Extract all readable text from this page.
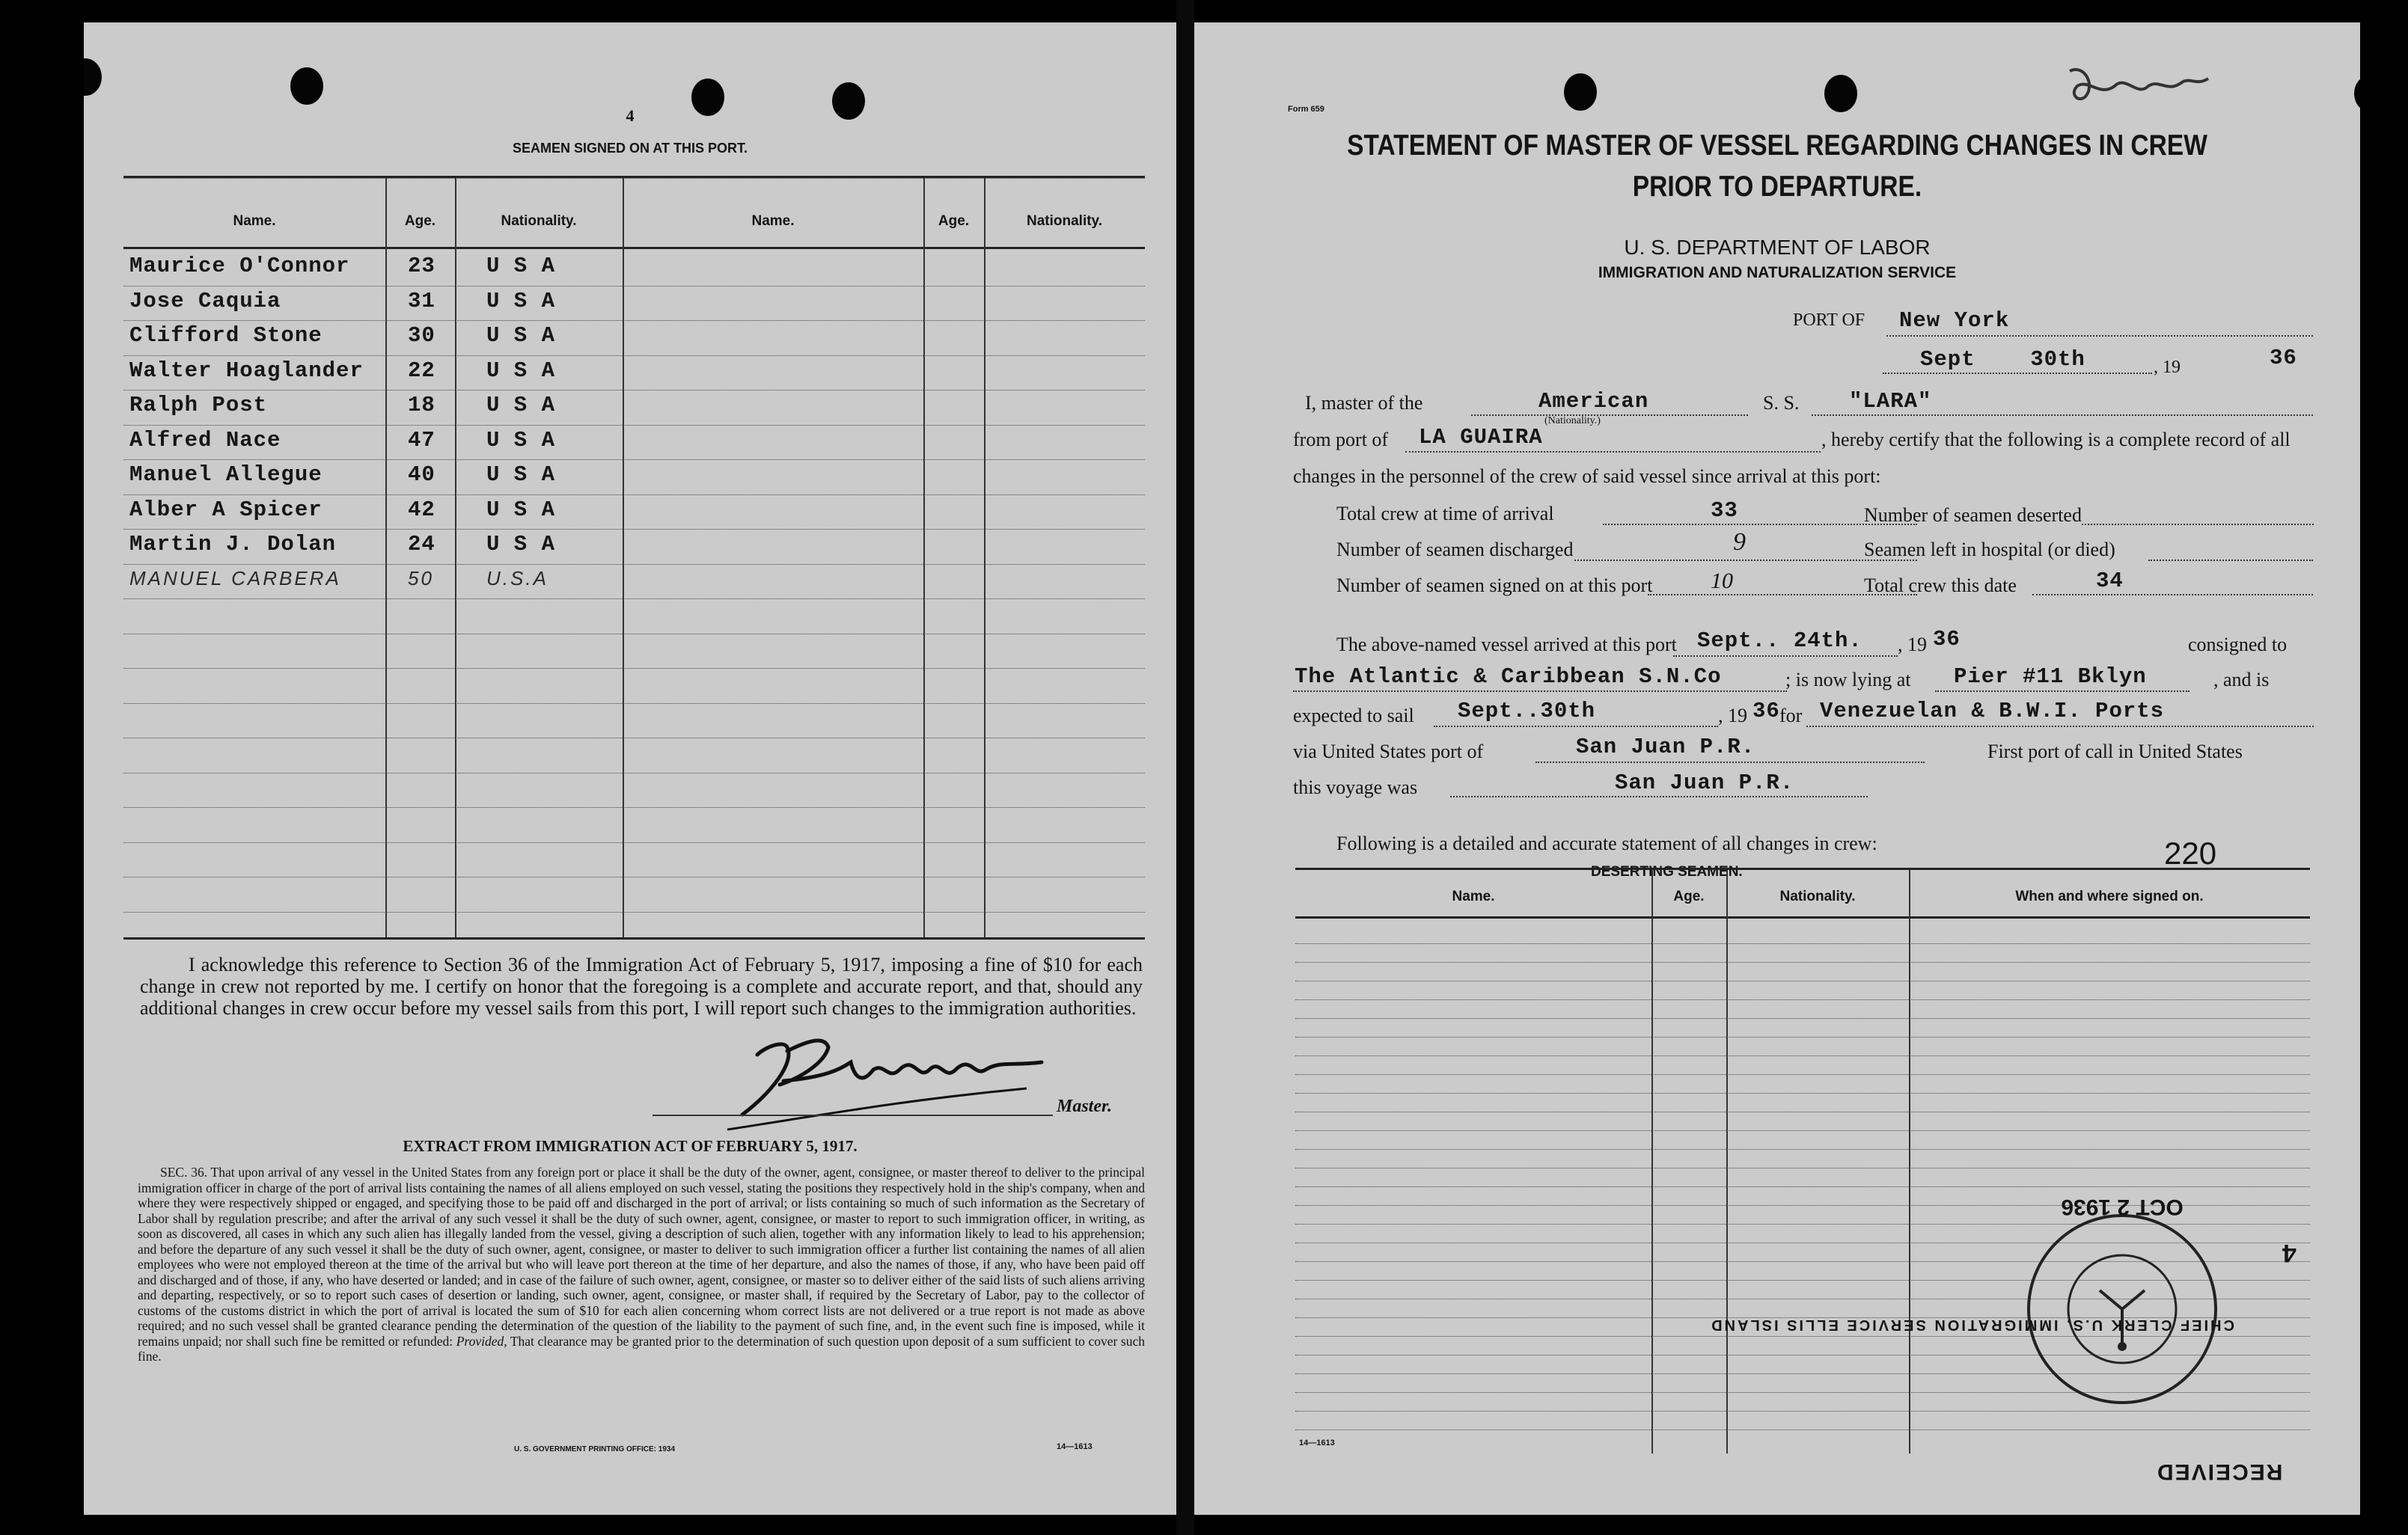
4
SEAMEN SIGNED ON AT THIS PORT.
Name.	Age.	Nationality.	Name.	Age.	Nationality.
Maurice O'Connor	23 U S A
Jose Caquia	31 U S A
Clifford Stone	30 U S A
Walter Hoaglander 22 U S A
Ralph Post	18 U S A
Alfred Nace	47 U S A
Manuel Allegue	40 U S A
Alber A Spicer	42 U S A
Martin J. Dolan	24 U S A
MANUEL CARBERA	50	U.S.A
I acknowledge this reference to Section 36 of the Immigration Act of February 5, 1917, imposing a fine of $10 for each change in crew not reported by me. I certify on honor that the foregoing is a complete and accurate report, and that, should any additional changes in crew occur before my vessel sails from this port, I will report such changes to the immigration authorities.
Master.
EXTRACT FROM IMMIGRATION ACT OF FEBRUARY 5, 1917.
SEC. 36. That upon arrival of any vessel in the United States from any foreign port or place it shall be the duty of the owner, agent, consignee, or master thereof to deliver to the principal immigration officer in charge of the port of arrival lists containing the names of all aliens employed on such vessel, stating the positions they respectively hold in the ship's company, when and where they were respectively shipped or engaged, and specifying those to be paid off and discharged in the port of arrival; or lists containing so much of such information as the Secretary of Labor shall by regulation prescribe; and after the arrival of any such vessel it shall be the duty of such owner, agent, consignee, or master to report to such immigration officer, in writing, as soon as discovered, all cases in which any such alien has illegally landed from the vessel, giving a description of such alien, together with any information likely to lead to his apprehension; and before the departure of any such vessel it shall be the duty of such owner, agent, consignee, or master to deliver to such immigration officer a further list containing the names of all alien employees who were not employed thereon at the time of the arrival but who will leave port thereon at the time of her departure, and also the names of those, if any, who have been paid off and discharged and of those, if any, who have deserted or landed; and in case of the failure of such owner, agent, consignee, or master so to deliver either of the said lists of such aliens arriving and departing, respectively, or so to report such cases of desertion or landing, such owner, agent, consignee, or master shall, if required by the Secretary of Labor, pay to the collector of customs of the customs district in which the port of arrival is located the sum of $10 for each alien concerning whom correct lists are not delivered or a true report is not made as above required; and no such vessel shall be granted clearance pending the determination of the question of the liability to the payment of such fine, and, in the event such fine is imposed, while it remains unpaid; nor shall such fine be remitted or refunded: Provided, That clearance may be granted prior to the determination of such question upon deposit of a sum sufficient to cover such fine.
U. S. GOVERNMENT PRINTING OFFICE: 1934	14—1613
Form 659
STATEMENT OF MASTER OF VESSEL REGARDING CHANGES IN CREW
PRIOR TO DEPARTURE.
U. S. DEPARTMENT OF LABOR
IMMIGRATION AND NATURALIZATION SERVICE
PORT OF New York
Sept    30th	, 19	36
I, master of the	American
(Nationality.)
S. S. "LARA"
from port of LA GUAIRA	, hereby certify that the following is a complete record of all
changes in the personnel of the crew of said vessel since arrival at this port:
Total crew at time of arrival	33	Number of seamen deserted
Number of seamen discharged	9	Seamen left in hospital (or died)
Number of seamen signed on at this port	10	Total crew this date	34
The above-named vessel arrived at this port Sept.. 24th. , 19 36	consigned to
The Atlantic & Caribbean S.N.Co	; is now lying at Pier #11 Bklyn	, and is
expected to sail Sept..30th	, 19 36 for Venezuelan & B.W.I. Ports
via United States port of	San Juan P.R.	First port of call in United States
this voyage was	San Juan P.R.
Following is a detailed and accurate statement of all changes in crew:
DESERTING SEAMEN.
220
Name.	Age.	Nationality.	When and where signed on.
CHIEF CLERK U.S. IMMIGRATION SERVICE ELLIS ISLAND
OCT 2 1936
4
RECEIVED
14—1613
